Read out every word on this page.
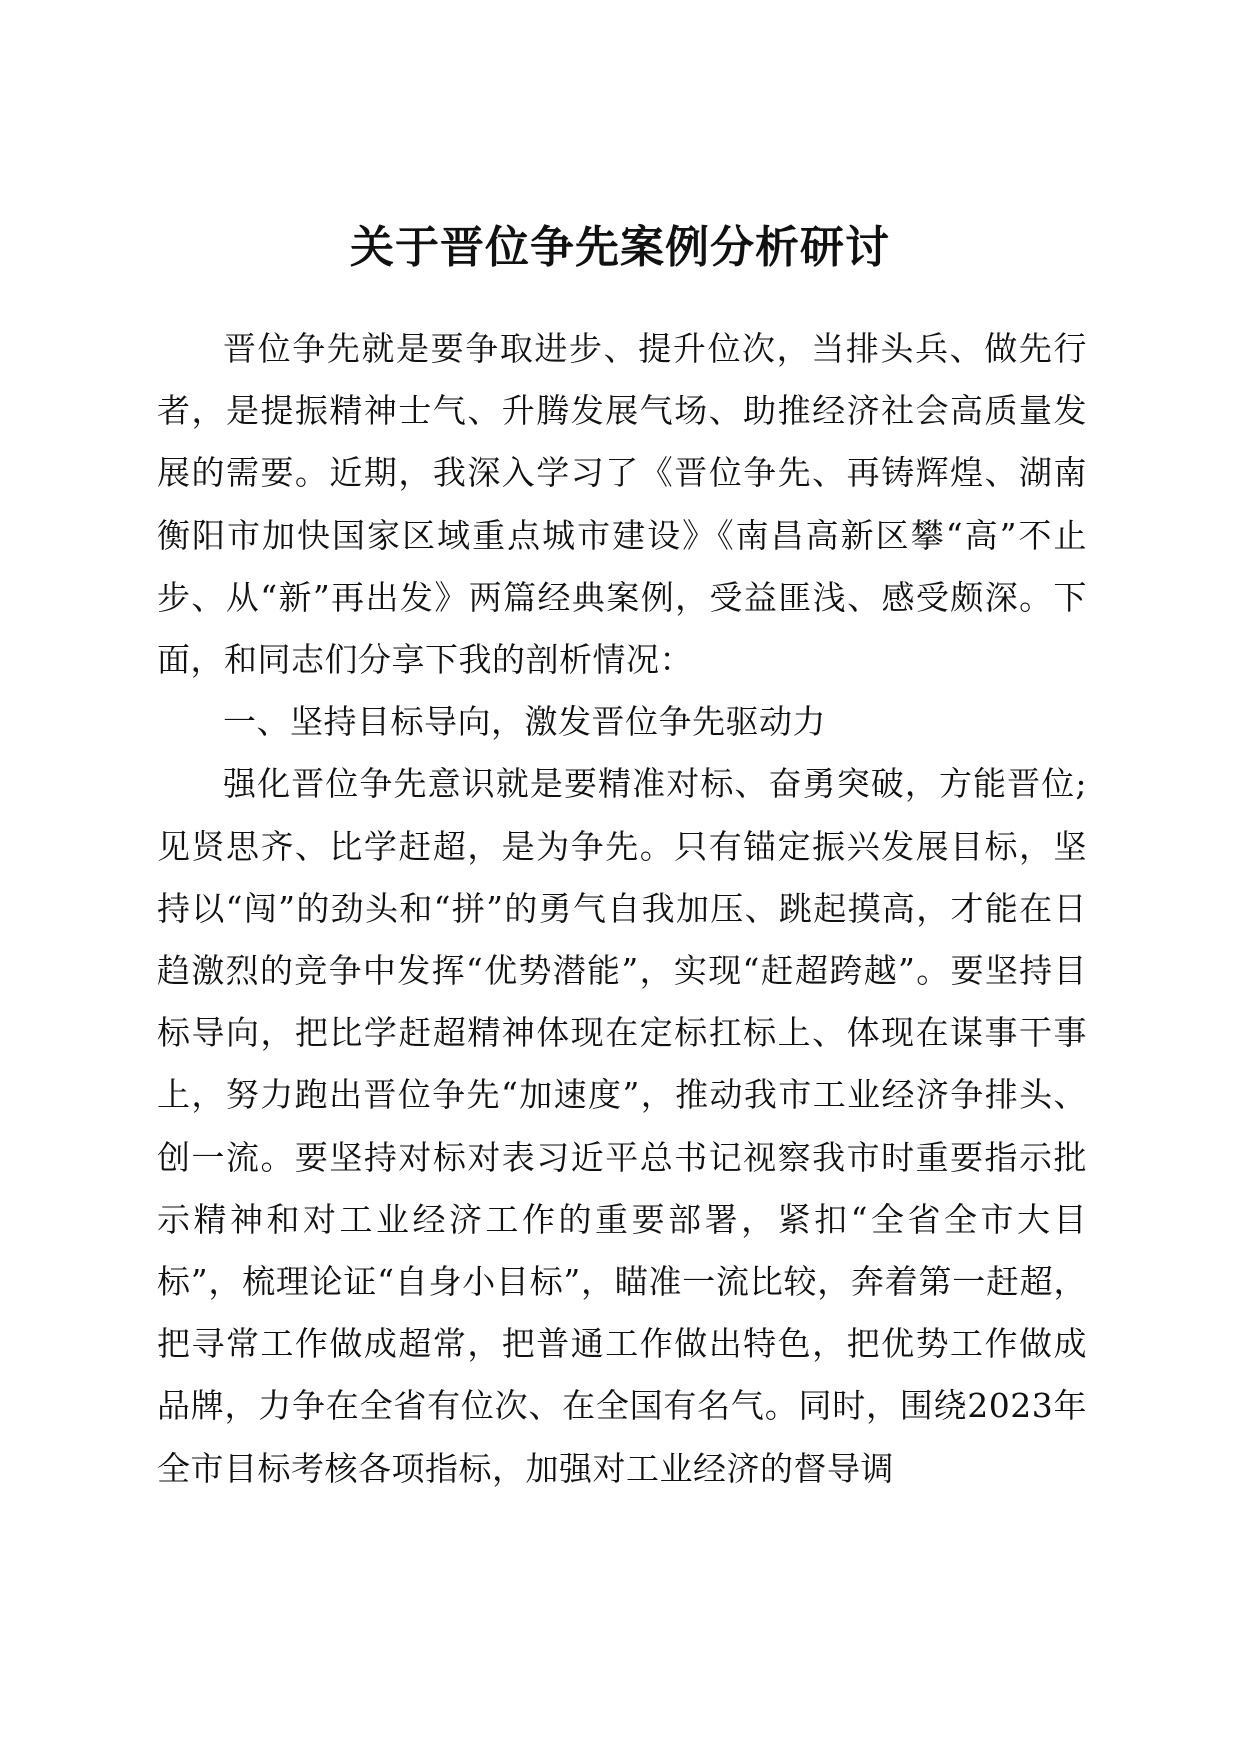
关于晋位争先案例分析研讨

晋位争先就是要争取进步、提升位次，当排头兵、做先行者，是提振精神士气、升腾发展气场、助推经济社会高质量发展的需要。近期，我深入学习了《晋位争先、再铸辉煌、湖南衡阳市加快国家区域重点城市建设》《南昌高新区攀“高”不止步、从“新”再出发》两篇经典案例，受益匪浅、感受颇深。下面，和同志们分享下我的剖析情况：

一、坚持目标导向，激发晋位争先驱动力

强化晋位争先意识就是要精准对标、奋勇突破，方能晋位;见贤思齐、比学赶超，是为争先。只有锚定振兴发展目标，坚持以“闯”的劲头和“拼”的勇气自我加压、跳起摸高，才能在日趋激烈的竞争中发挥“优势潜能”，实现“赶超跨越”。要坚持目标导向，把比学赶超精神体现在定标扛标上、体现在谋事干事上，努力跑出晋位争先“加速度”，推动我市工业经济争排头、创一流。要坚持对标对表习近平总书记视察我市时重要指示批示精神和对工业经济工作的重要部署，紧扣“全省全市大目标”，梳理论证“自身小目标”，瞄准一流比较，奔着第一赶超，把寻常工作做成超常，把普通工作做出特色，把优势工作做成品牌，力争在全省有位次、在全国有名气。同时，围绕2023年全市目标考核各项指标，加强对工业经济的督导调
